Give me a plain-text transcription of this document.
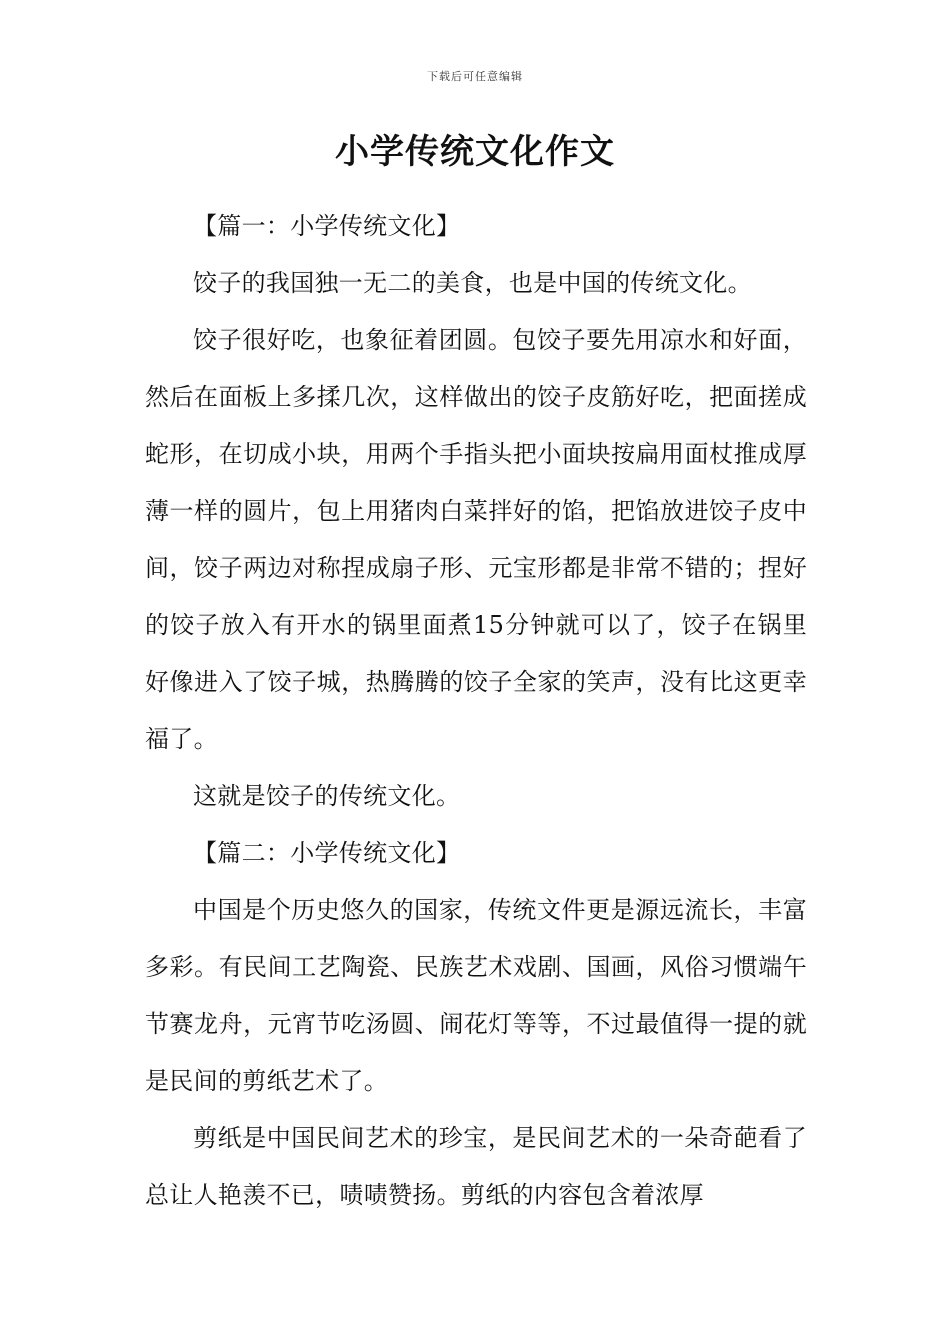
下载后可任意编辑
小学传统文化作文

【篇一：小学传统文化】

饺子的我国独一无二的美食，也是中国的传统文化。

饺子很好吃，也象征着团圆。包饺子要先用凉水和好面，然后在面板上多揉几次，这样做出的饺子皮筋好吃，把面搓成蛇形，在切成小块，用两个手指头把小面块按扁用面杖推成厚薄一样的圆片，包上用猪肉白菜拌好的馅，把馅放进饺子皮中间，饺子两边对称捏成扇子形、元宝形都是非常不错的；捏好的饺子放入有开水的锅里面煮15分钟就可以了，饺子在锅里好像进入了饺子城，热腾腾的饺子全家的笑声，没有比这更幸福了。

这就是饺子的传统文化。

【篇二：小学传统文化】

中国是个历史悠久的国家，传统文件更是源远流长，丰富多彩。有民间工艺陶瓷、民族艺术戏剧、国画，风俗习惯端午节赛龙舟，元宵节吃汤圆、闹花灯等等，不过最值得一提的就是民间的剪纸艺术了。

剪纸是中国民间艺术的珍宝，是民间艺术的一朵奇葩看了总让人艳羡不已，啧啧赞扬。剪纸的内容包含着浓厚
